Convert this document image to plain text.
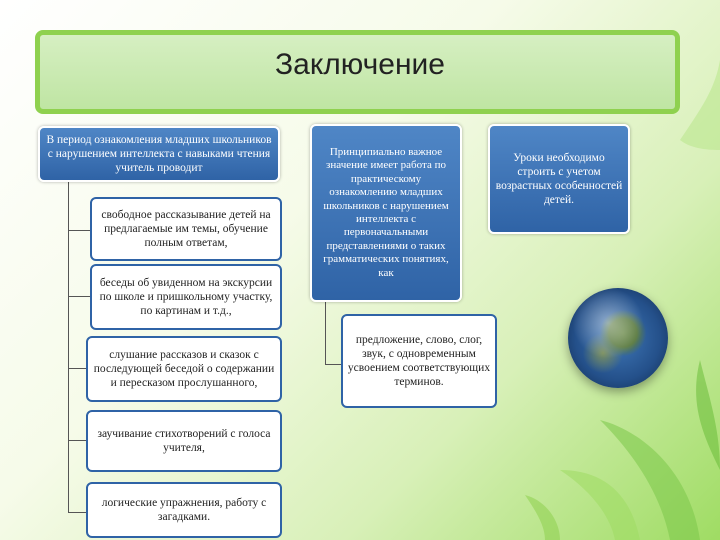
Заключение
В период ознакомления младших школьников с нарушением интеллекта с навыками чтения учитель проводит
свободное рассказывание детей на предлагаемые им темы, обучение полным ответам,
беседы об увиденном на экскурсии по школе и пришкольному участку, по картинам и т.д.,
слушание рассказов и сказок с последующей беседой о содержании и пересказом прослушанного,
заучивание стихотворений с голоса учителя,
логические упражнения, работу с загадками.
Принципиально важное значение имеет работа по практическому ознакомлению младших школьников с нарушением интеллекта с первоначальными представлениями о таких грамматических понятиях, как
предложение, слово, слог, звук, с одновременным усвоением соответствующих терминов.
Уроки необходимо строить с учетом возрастных особенностей детей.
